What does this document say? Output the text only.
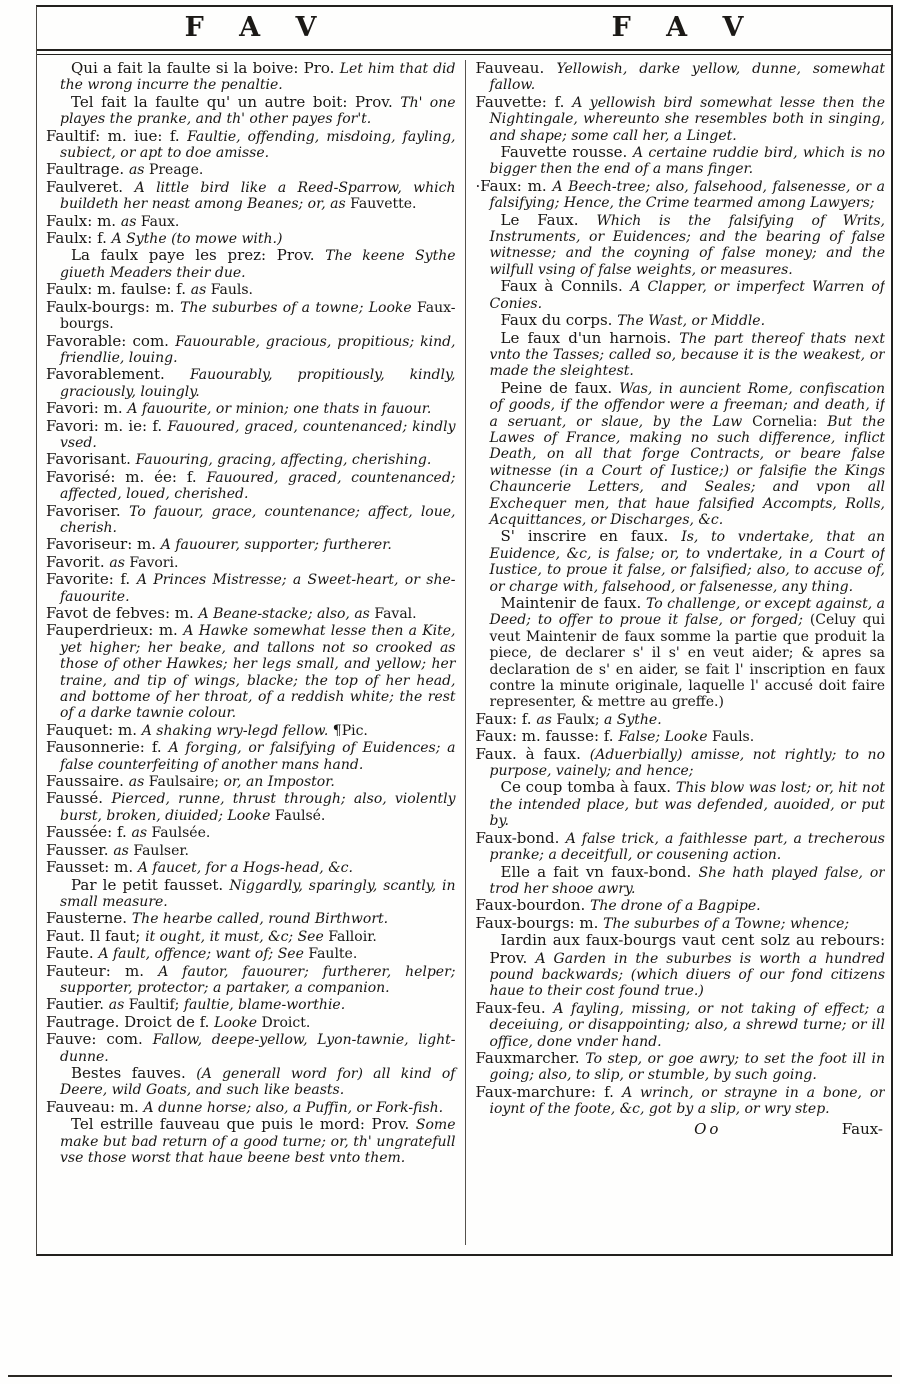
F A V	F A V

Qui a fait la faulte si la boive: Pro. Let him that did the wrong incurre the penaltie.

Tel fait la faulte qu' un autre boit: Prov. Th' one playes the pranke, and th' other payes for't.

Faultif: m. iue: f. Faultie, offending, misdoing, fayling, subiect, or apt to doe amisse.

Faultrage. as Preage.

Faulveret. A little bird like a Reed-Sparrow, which buildeth her neast among Beanes; or, as Fauvette.

Faulx: m. as Faux.

Faulx: f. A Sythe (to mowe with.)

La faulx paye les prez: Prov. The keene Sythe giueth Meaders their due.

Faulx: m. faulse: f. as Fauls.

Faulx-bourgs: m. The suburbes of a towne; Looke Faux-bourgs.

Favorable: com. Fauourable, gracious, propitious; kind, friendlie, louing.

Favorablement. Fauourably, propitiously, kindly, graciously, louingly.

Favori: m. A fauourite, or minion; one thats in fauour.

Favori: m. ie: f. Fauoured, graced, countenanced; kindly vsed.

Favorisant. Fauouring, gracing, affecting, cherishing.

Favorisé: m. ée: f. Fauoured, graced, countenanced; affected, loued, cherished.

Favoriser. To fauour, grace, countenance; affect, loue, cherish.

Favoriseur: m. A fauourer, supporter; furtherer.

Favorit. as Favori.

Favorite: f. A Princes Mistresse; a Sweet-heart, or she-fauourite.

Favot de febves: m. A Beane-stacke; also, as Faval.

Fauperdrieux: m. A Hawke somewhat lesse then a Kite, yet higher; her beake, and tallons not so crooked as those of other Hawkes; her legs small, and yellow; her traine, and tip of wings, blacke; the top of her head, and bottome of her throat, of a reddish white; the rest of a darke tawnie colour.

Fauquet: m. A shaking wry-legd fellow. ¶Pic.

Fausonnerie: f. A forging, or falsifying of Euidences; a false counterfeiting of another mans hand.

Faussaire. as Faulsaire; or, an Impostor.

Faussé. Pierced, runne, thrust through; also, violently burst, broken, diuided; Looke Faulsé.

Faussée: f. as Faulsée.

Fausser. as Faulser.

Fausset: m. A faucet, for a Hogs-head, &c.

Par le petit fausset. Niggardly, sparingly, scantly, in small measure.

Fausterne. The hearbe called, round Birthwort.

Faut. Il faut; it ought, it must, &c; See Falloir.

Faute. A fault, offence; want of; See Faulte.

Fauteur: m. A fautor, fauourer; furtherer, helper; supporter, protector; a partaker, a companion.

Fautier. as Faultif; faultie, blame-worthie.

Fautrage. Droict de f. Looke Droict.

Fauve: com. Fallow, deepe-yellow, Lyon-tawnie, light-dunne.

Bestes fauves. (A generall word for) all kind of Deere, wild Goats, and such like beasts.

Fauveau: m. A dunne horse; also, a Puffin, or Fork-fish.

Tel estrille fauveau que puis le mord: Prov. Some make but bad return of a good turne; or, th' ungratefull vse those worst that haue beene best vnto them.

Fauveau. Yellowish, darke yellow, dunne, somewhat fallow.

Fauvette: f. A yellowish bird somewhat lesse then the Nightingale, whereunto she resembles both in singing, and shape; some call her, a Linget.

Fauvette rousse. A certaine ruddie bird, which is no bigger then the end of a mans finger.

·Faux: m. A Beech-tree; also, falsehood, falsenesse, or a falsifying; Hence, the Crime tearmed among Lawyers;

Le Faux. Which is the falsifying of Writs, Instruments, or Euidences; and the bearing of false witnesse; and the coyning of false money; and the wilfull vsing of false weights, or measures.

Faux à Connils. A Clapper, or imperfect Warren of Conies.

Faux du corps. The Wast, or Middle.

Le faux d'un harnois. The part thereof thats next vnto the Tasses; called so, because it is the weakest, or made the sleightest.

Peine de faux. Was, in auncient Rome, confiscation of goods, if the offendor were a freeman; and death, if a seruant, or slaue, by the Law Cornelia: But the Lawes of France, making no such difference, inflict Death, on all that forge Contracts, or beare false witnesse (in a Court of Iustice;) or falsifie the Kings Chauncerie Letters, and Seales; and vpon all Exchequer men, that haue falsified Accompts, Rolls, Acquittances, or Discharges, &c.

S' inscrire en faux. Is, to vndertake, that an Euidence, &c, is false; or, to vndertake, in a Court of Iustice, to proue it false, or falsified; also, to accuse of, or charge with, falsehood, or falsenesse, any thing.

Maintenir de faux. To challenge, or except against, a Deed; to offer to proue it false, or forged; (Celuy qui veut Maintenir de faux somme la partie que produit la piece, de declarer s' il s' en veut aider; & apres sa declaration de s' en aider, se fait l' inscription en faux contre la minute originale, laquelle l' accusé doit faire representer, & mettre au greffe.)

Faux: f. as Faulx; a Sythe.

Faux: m. fausse: f. False; Looke Fauls.

Faux. à faux. (Aduerbially) amisse, not rightly; to no purpose, vainely; and hence;

Ce coup tomba à faux. This blow was lost; or, hit not the intended place, but was defended, auoided, or put by.

Faux-bond. A false trick, a faithlesse part, a trecherous pranke; a deceitfull, or cousening action.

Elle a fait vn faux-bond. She hath played false, or trod her shooe awry.

Faux-bourdon. The drone of a Bagpipe.

Faux-bourgs: m. The suburbes of a Towne; whence;

Iardin aux faux-bourgs vaut cent solz au rebours: Prov. A Garden in the suburbes is worth a hundred pound backwards; (which diuers of our fond citizens haue to their cost found true.)

Faux-feu. A fayling, missing, or not taking of effect; a deceiuing, or disappointing; also, a shrewd turne; or ill office, done vnder hand.

Fauxmarcher. To step, or goe awry; to set the foot ill in going; also, to slip, or stumble, by such going.

Faux-marchure: f. A wrinch, or strayne in a bone, or ioynt of the foote, &c, got by a slip, or wry step.

Oo	Faux-
